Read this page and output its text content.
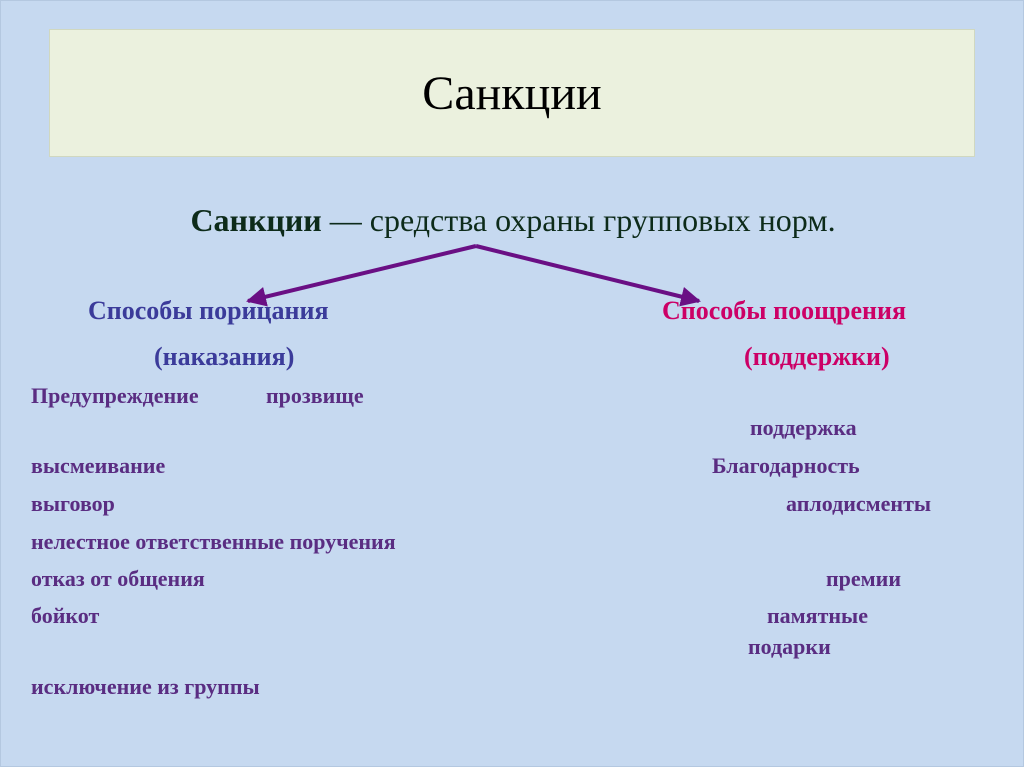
Санкции
Санкции — средства охраны групповых норм.
Способы порицания
(наказания)
Способы поощрения
(поддержки)
Предупреждение	прозвище
высмеивание
выговор
нелестное ответственные поручения
отказ от общения
бойкот
исключение из группы
поддержка
Благодарность
аплодисменты
премии
памятные
подарки
